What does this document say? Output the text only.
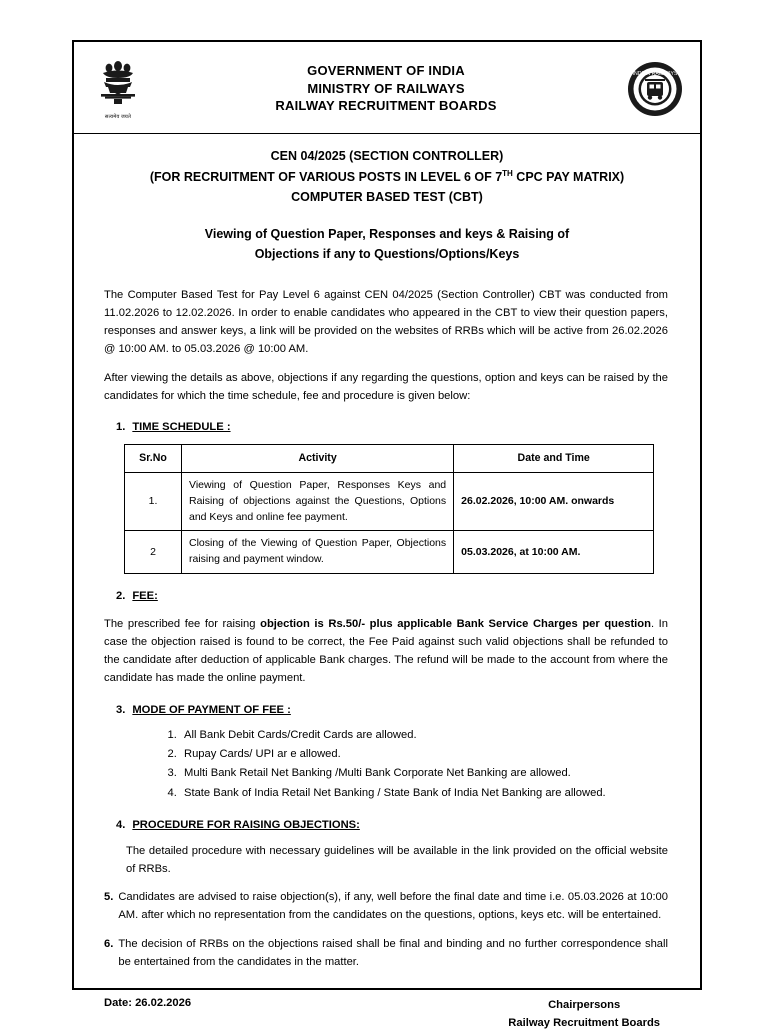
सत्यमेव जयते
GOVERNMENT OF INDIA
MINISTRY OF RAILWAYS
RAILWAY RECRUITMENT BOARDS
INDIAN RAILWAYS
CEN 04/2025 (SECTION CONTROLLER)
(FOR RECRUITMENT OF VARIOUS POSTS IN LEVEL 6 OF 7TH CPC PAY MATRIX)
COMPUTER BASED TEST (CBT)
Viewing of Question Paper, Responses and keys & Raising of
Objections if any to Questions/Options/Keys

The Computer Based Test for Pay Level 6 against CEN 04/2025 (Section Controller) CBT was conducted from 11.02.2026 to 12.02.2026. In order to enable candidates who appeared in the CBT to view their question papers, responses and answer keys, a link will be provided on the websites of RRBs which will be active from 26.02.2026 @ 10:00 AM. to 05.03.2026 @ 10:00 AM.

After viewing the details as above, objections if any regarding the questions, option and keys can be raised by the candidates for which the time schedule, fee and procedure is given below:

1. TIME SCHEDULE :
Sr.No	Activity	Date and Time
1.	Viewing of Question Paper, Responses Keys and Raising of objections against the Questions, Options and Keys and online fee payment.	26.02.2026, 10:00 AM. onwards
2	Closing of the Viewing of Question Paper, Objections raising and payment window.	05.03.2026, at 10:00 AM.
2. FEE:

The prescribed fee for raising objection is Rs.50/- plus applicable Bank Service Charges per question. In case the objection raised is found to be correct, the Fee Paid against such valid objections shall be refunded to the candidate after deduction of applicable Bank charges. The refund will be made to the account from where the candidate has made the online payment.

3. MODE OF PAYMENT OF FEE :
1. All Bank Debit Cards/Credit Cards are allowed.
2. Rupay Cards/ UPI ar e allowed.
3. Multi Bank Retail Net Banking /Multi Bank Corporate Net Banking are allowed.
4. State Bank of India Retail Net Banking / State Bank of India Net Banking are allowed.
4. PROCEDURE FOR RAISING OBJECTIONS:

The detailed procedure with necessary guidelines will be available in the link provided on the official website of RRBs.

5. Candidates are advised to raise objection(s), if any, well before the final date and time i.e. 05.03.2026 at 10:00 AM. after which no representation from the candidates on the questions, options, keys etc. will be entertained.
6. The decision of RRBs on the objections raised shall be final and binding and no further correspondence shall be entertained from the candidates in the matter.
Date: 26.02.2026	Chairpersons
Railway Recruitment Boards
